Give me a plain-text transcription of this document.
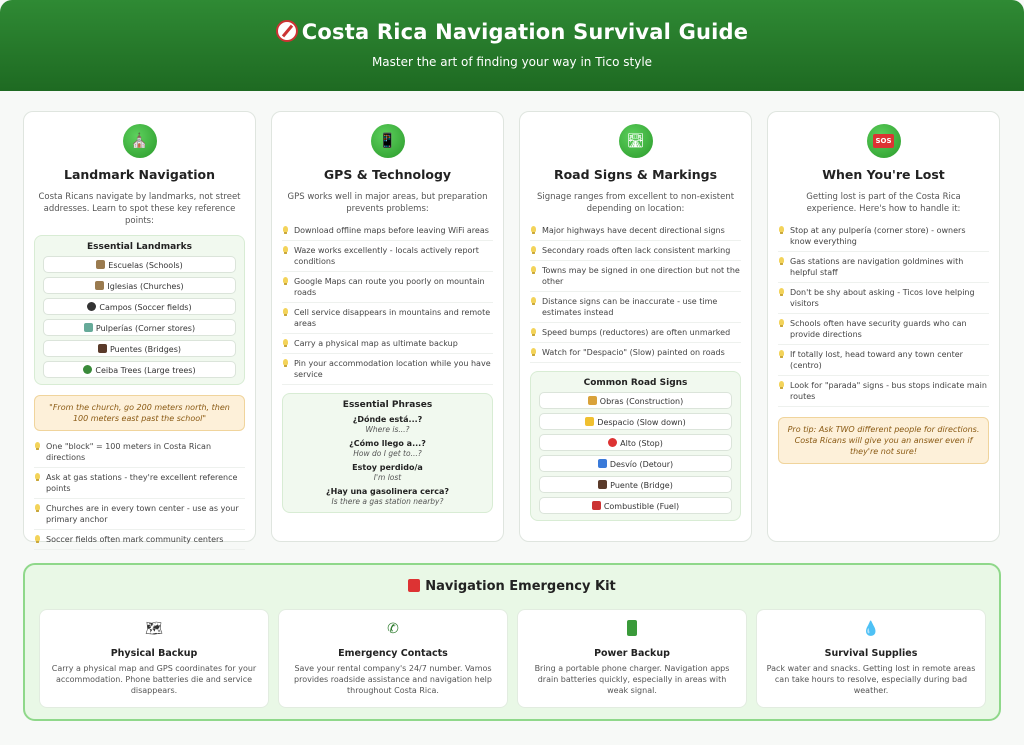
Costa Rica Navigation Survival Guide
Master the art of finding your way in Tico style
⛪
Landmark Navigation
Costa Ricans navigate by landmarks, not street addresses. Learn to spot these key reference points:
Essential Landmarks
Escuelas (Schools)
Iglesias (Churches)
Campos (Soccer fields)
Pulperías (Corner stores)
Puentes (Bridges)
Ceiba Trees (Large trees)
"From the church, go 200 meters north, then 100 meters east past the school"
One "block" = 100 meters in Costa Rican directions
Ask at gas stations - they're excellent reference points
Churches are in every town center - use as your primary anchor
Soccer fields often mark community centers
📱
GPS & Technology
GPS works well in major areas, but preparation prevents problems:
Download offline maps before leaving WiFi areas
Waze works excellently - locals actively report conditions
Google Maps can route you poorly on mountain roads
Cell service disappears in mountains and remote areas
Carry a physical map as ultimate backup
Pin your accommodation location while you have service
Essential Phrases
¿Dónde está...?
Where is...?
¿Cómo llego a...?
How do I get to...?
Estoy perdido/a
I'm lost
¿Hay una gasolinera cerca?
Is there a gas station nearby?
🛣
Road Signs & Markings
Signage ranges from excellent to non-existent depending on location:
Major highways have decent directional signs
Secondary roads often lack consistent marking
Towns may be signed in one direction but not the other
Distance signs can be inaccurate - use time estimates instead
Speed bumps (reductores) are often unmarked
Watch for "Despacio" (Slow) painted on roads
Common Road Signs
Obras (Construction)
Despacio (Slow down)
Alto (Stop)
Desvío (Detour)
Puente (Bridge)
Combustible (Fuel)
SOS
When You're Lost
Getting lost is part of the Costa Rica experience. Here's how to handle it:
Stop at any pulpería (corner store) - owners know everything
Gas stations are navigation goldmines with helpful staff
Don't be shy about asking - Ticos love helping visitors
Schools often have security guards who can provide directions
If totally lost, head toward any town center (centro)
Look for "parada" signs - bus stops indicate main routes
Pro tip: Ask TWO different people for directions. Costa Ricans will give you an answer even if they're not sure!
Navigation Emergency Kit
🗺
Physical Backup

Carry a physical map and GPS coordinates for your accommodation. Phone batteries die and service disappears.

✆
Emergency Contacts

Save your rental company's 24/7 number. Vamos provides roadside assistance and navigation help throughout Costa Rica.

Power Backup

Bring a portable phone charger. Navigation apps drain batteries quickly, especially in areas with weak signal.

💧
Survival Supplies

Pack water and snacks. Getting lost in remote areas can take hours to resolve, especially during bad weather.
